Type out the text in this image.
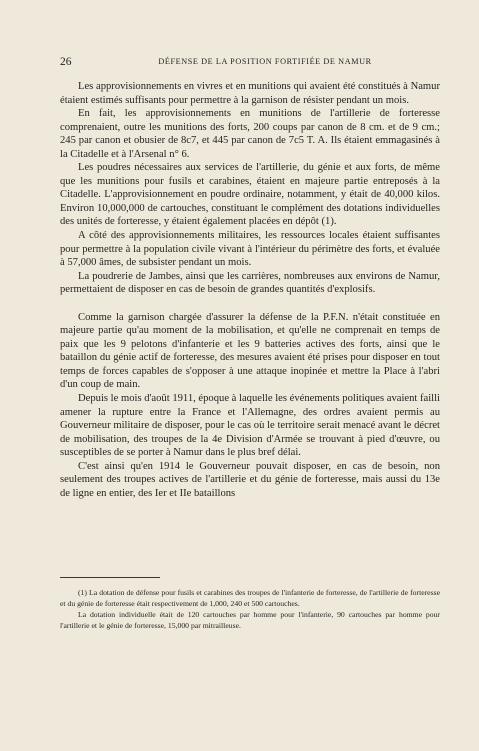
26	DÉFENSE DE LA POSITION FORTIFIÉE DE NAMUR

Les approvisionnements en vivres et en munitions qui avaient été constitués à Namur étaient estimés suffisants pour permettre à la garnison de résister pendant un mois.

En fait, les approvisionnements en munitions de l'artillerie de forteresse comprenaient, outre les munitions des forts, 200 coups par canon de 8 cm. et de 9 cm.; 245 par canon et obusier de 8c7, et 445 par canon de 7c5 T. A. Ils étaient emmagasinés à la Citadelle et à l'Arsenal n° 6.

Les poudres nécessaires aux services de l'artillerie, du génie et aux forts, de même que les munitions pour fusils et carabines, étaient en majeure partie entreposés à la Citadelle. L'approvisionnement en poudre ordinaire, notamment, y était de 40,000 kilos. Environ 10,000,000 de cartouches, constituant le complément des dotations individuelles des unités de forteresse, y étaient également placées en dépôt (1).

A côté des approvisionnements militaires, les ressources locales étaient suffisantes pour permettre à la population civile vivant à l'intérieur du périmètre des forts, et évaluée à 57,000 âmes, de subsister pendant un mois.

La poudrerie de Jambes, ainsi que les carrières, nombreuses aux environs de Namur, permettaient de disposer en cas de besoin de grandes quantités d'explosifs.

Comme la garnison chargée d'assurer la défense de la P.F.N. n'était constituée en majeure partie qu'au moment de la mobilisation, et qu'elle ne comprenait en temps de paix que les 9 pelotons d'infanterie et les 9 batteries actives des forts, ainsi que le bataillon du génie actif de forteresse, des mesures avaient été prises pour disposer en tout temps de forces capables de s'opposer à une attaque inopinée et mettre la Place à l'abri d'un coup de main.

Depuis le mois d'août 1911, époque à laquelle les événements politiques avaient failli amener la rupture entre la France et l'Allemagne, des ordres avaient permis au Gouverneur militaire de disposer, pour le cas où le territoire serait menacé avant le décret de mobilisation, des troupes de la 4e Division d'Armée se trouvant à pied d'œuvre, ou susceptibles de se porter à Namur dans le plus bref délai.

C'est ainsi qu'en 1914 le Gouverneur pouvait disposer, en cas de besoin, non seulement des troupes actives de l'artillerie et du génie de forteresse, mais aussi du 13e de ligne en entier, des Ier et IIe bataillons

(1) La dotation de défense pour fusils et carabines des troupes de l'infanterie de forteresse, de l'artillerie de forteresse et du génie de forteresse était respectivement de 1,000, 240 et 500 cartouches.

La dotation individuelle était de 120 cartouches par homme pour l'infanterie, 90 cartouches par homme pour l'artillerie et le génie de forteresse, 15,000 par mitrailleuse.
